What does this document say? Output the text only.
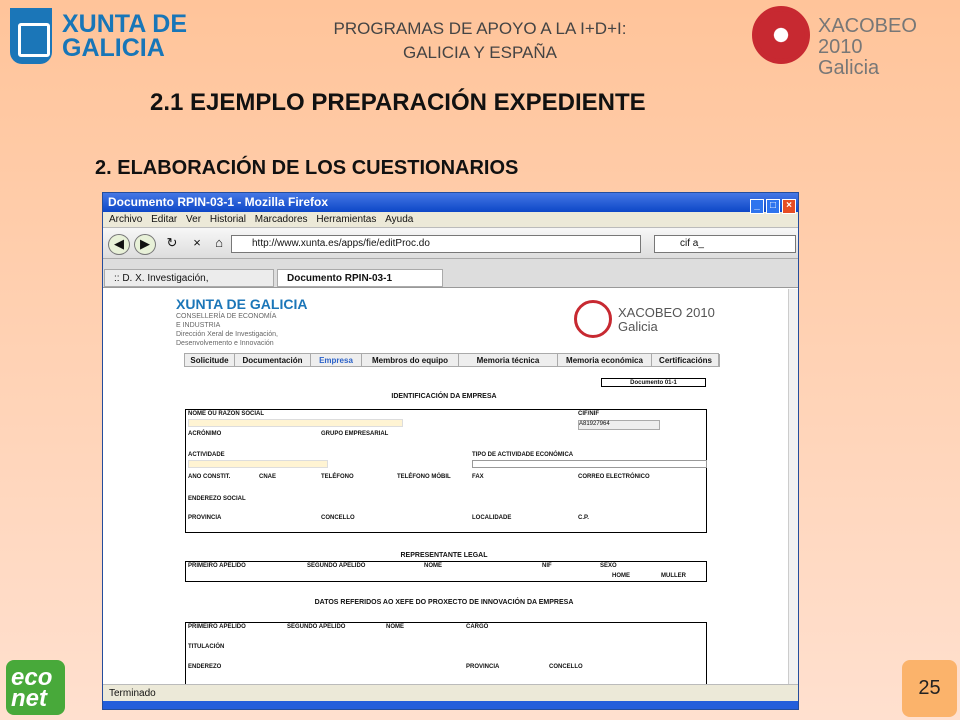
XUNTA DE GALICIA
PROGRAMAS DE APOYO A LA I+D+I:
GALICIA Y ESPAÑA
XACOBEO 2010
Galicia
2.1 EJEMPLO PREPARACIÓN EXPEDIENTE
2. ELABORACIÓN DE LOS CUESTIONARIOS
Documento RPIN-03-1 - Mozilla Firefox	_ □ ×
Archivo Editar Ver Historial Marcadores Herramientas Ayuda
◀	▶	↻	×	⌂	http://www.xunta.es/apps/fie/editProc.do	cif a_
:: D. X. Investigación,	Documento RPIN-03-1
XUNTA DE GALICIA
CONSELLERÍA DE ECONOMÍA
E INDUSTRIA
Dirección Xeral de Investigación,
Desenvolvemento e Innovación
XACOBEO 2010
Galicia
Solicitude	Documentación	Empresa	Membros do equipo	Memoria técnica	Memoria económica	Certificacións
Documento 01-1
IDENTIFICACIÓN DA EMPRESA
NOME OU RAZÓN SOCIAL	CIF/NIF
A81927964
ACRÓNIMO	GRUPO EMPRESARIAL
ACTIVIDADE	TIPO DE ACTIVIDADE ECONÓMICA
ANO CONSTIT.	CNAE	TELÉFONO	TELÉFONO MÓBIL	FAX	CORREO ELECTRÓNICO
ENDEREZO SOCIAL
PROVINCIA	CONCELLO	LOCALIDADE	C.P.
REPRESENTANTE LEGAL
PRIMEIRO APELIDO	SEGUNDO APELIDO	NOME	NIF	SEXO
HOME	MULLER
DATOS REFERIDOS AO XEFE DO PROXECTO DE INNOVACIÓN DA EMPRESA
PRIMEIRO APELIDO	SEGUNDO APELIDO	NOME	CARGO
TITULACIÓN
ENDEREZO	PROVINCIA	CONCELLO
Terminado
eco net	25
